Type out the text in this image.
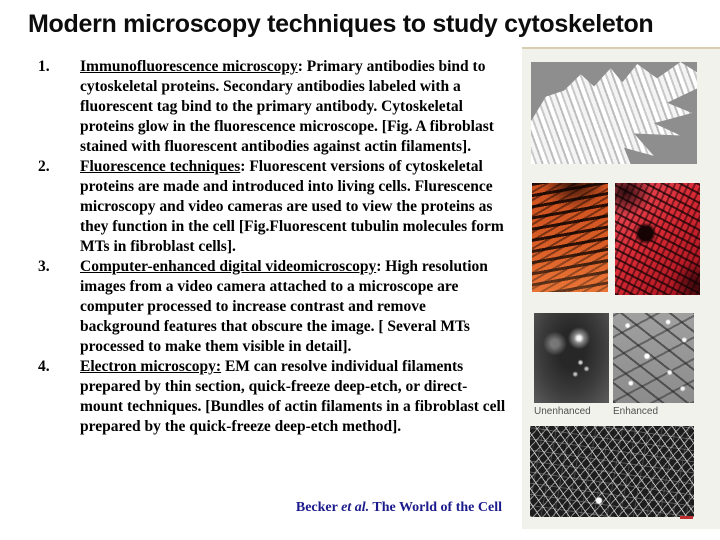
Modern microscopy techniques to study cytoskeleton
1.	Immunofluorescence microscopy: Primary antibodies bind to cytoskeletal proteins. Secondary antibodies labeled with a fluorescent tag bind to the primary antibody. Cytoskeletal proteins glow in the fluorescence microscope. [Fig. A fibroblast stained with fluorescent antibodies against actin filaments].
2.	Fluorescence techniques: Fluorescent versions of cytoskeletal proteins are made and introduced into living cells. Flurescence microscopy and video cameras are used to view the proteins as they function in the cell [Fig.Fluorescent tubulin molecules form MTs in fibroblast cells].
3.	Computer-enhanced digital videomicroscopy: High resolution images from a video camera attached to a microscope are computer processed to increase contrast and remove background features that obscure the image. [ Several MTs processed to make them visible in detail].
4.	Electron microscopy: EM can resolve individual filaments prepared by thin section, quick-freeze deep-etch, or direct-mount techniques. [Bundles of actin filaments in a fibroblast cell prepared by the quick-freeze deep-etch method].
Becker et al. The World of the Cell
Unenhanced Enhanced
